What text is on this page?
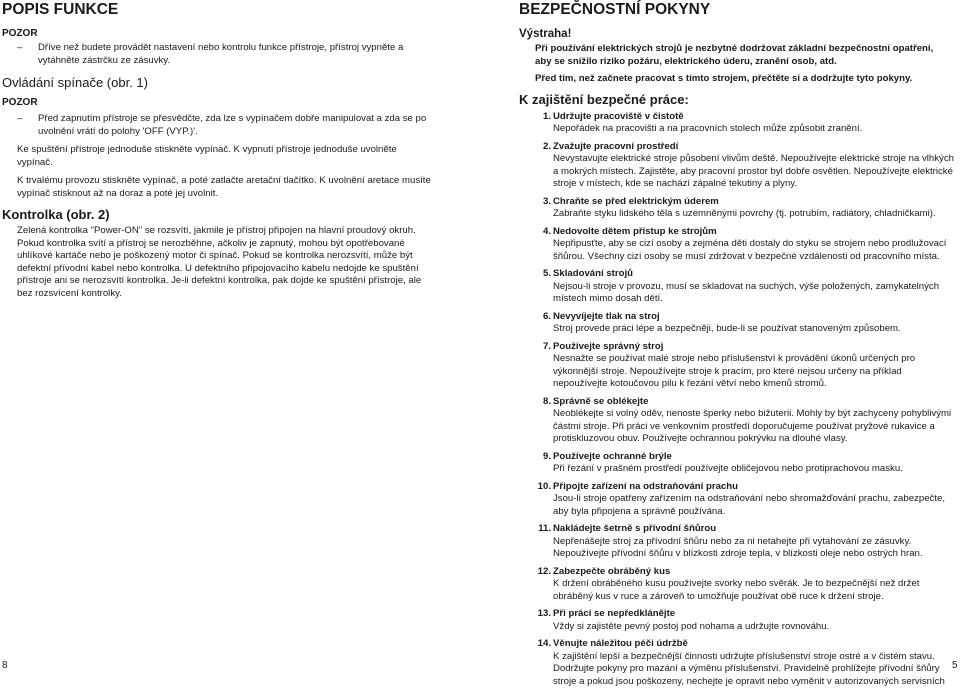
POPIS FUNKCE
POZOR
– Dříve než budete provádět nastavení nebo kontrolu funkce přístroje, přístroj vypněte a vytáhněte zástrčku ze zásuvky.
Ovládání spínače (obr. 1)
POZOR
– Před zapnutím přístroje se přesvědčte, zda lze s vypínačem dobře manipulovat a zda se po uvolnění vrátí do polohy 'OFF (VYP.)'.
Ke spuštění přístroje jednoduše stiskněte vypínač. K vypnutí přístroje jednoduše uvolněte vypínač.
K trvalému provozu stiskněte vypínač, a poté zatlačte aretační tlačítko. K uvolnění aretace musíte vypínač stisknout až na doraz a poté jej uvolnit.
Kontrolka (obr. 2)
Zelená kontrolka "Power-ON" se rozsvítí, jakmile je přístroj připojen na hlavní proudový okruh. Pokud kontrolka svítí a přístroj se nerozběhne, ačkoliv je zapnutý, mohou být opotřebované uhlíkové kartáče nebo je poškozený motor či spínač. Pokud se kontrolka nerozsvítí, může být defektní přívodní kabel nebo kontrolka. U defektního připojovacího kabelu nedojde ke spuštění přístroje ani se nerozsvítí kontrolka. Je-li defektní kontrolka, pak dojde ke spuštění přístroje, ale bez rozsvícení kontrolky.
BEZPEČNOSTNÍ POKYNY
Výstraha!
Při používání elektrických strojů je nezbytné dodržovat základní bezpečnostní opatření, aby se snížilo riziko požáru, elektrického úderu, zranění osob, atd.
Před tím, než začnete pracovat s tímto strojem, přečtěte si a dodržujte tyto pokyny.
K zajištění bezpečné práce:
1. Udržujte pracoviště v čistotě
Nepořádek na pracovišti a na pracovních stolech může způsobit zranění.
2. Zvažujte pracovní prostředí
Nevystavujte elektrické stroje působení vlivům deště. Nepoužívejte elektrické stroje na vlhkých a mokrých místech. Zajistěte, aby pracovní prostor byl dobře osvětlen. Nepoužívejte elektrické stroje v místech, kde se nachází zápalné tekutiny a plyny.
3. Chraňte se před elektrickým úderem
Zabraňte styku lidského těla s uzemněnými povrchy (tj. potrubím, radiátory, chladničkami).
4. Nedovolte dětem přístup ke strojům
Nepřipusťte, aby se cizí osoby a zejména děti dostaly do styku se strojem nebo prodlužovací šňůrou. Všechny cizí osoby se musí zdržovat v bezpečné vzdálenosti od pracovního místa.
5. Skladování strojů
Nejsou-li stroje v provozu, musí se skladovat na suchých, výše položených, zamykatelných místech mimo dosah dětí.
6. Nevyvíjejte tlak na stroj
Stroj provede práci lépe a bezpečněji, bude-li se používat stanoveným způsobem.
7. Používejte správný stroj
Nesnažte se používat malé stroje nebo příslušenství k provádění úkonů určených pro výkonnější stroje. Nepoužívejte stroje k pracím, pro které nejsou určeny na příklad nepoužívejte kotoučovou pilu k řezání větví nebo kmenů stromů.
8. Správně se oblékejte
Neoblékejte si volný oděv, nenoste šperky nebo bižuterii. Mohly by být zachyceny pohyblivými částmi stroje. Při práci ve venkovním prostředí doporučujeme používat pryžové rukavice a protiskluzovou obuv. Používejte ochrannou pokrývku na dlouhé vlasy.
9. Používejte ochranné brýle
Při řezání v prašném prostředí používejte obličejovou nebo protiprachovou masku.
10. Připojte zařízení na odstraňování prachu
Jsou-li stroje opatřeny zařízením na odstraňování nebo shromažďování prachu, zabezpečte, aby byla připojena a správně používána.
11. Nakládejte šetrně s přívodní šňůrou
Nepřenášejte stroj za přívodní šňůru nebo za ni netahejte při vytahování ze zásuvky. Nepoužívejte přívodní šňůru v blízkosti zdroje tepla, v blízkosti oleje nebo ostrých hran.
12. Zabezpečte obráběný kus
K držení obráběného kusu používejte svorky nebo svěrák. Je to bezpečnější než držet obráběný kus v ruce a zároveň to umožňuje používat obě ruce k držení stroje.
13. Při práci se nepředklánějte
Vždy si zajistěte pevný postoj pod nohama a udržujte rovnováhu.
14. Věnujte náležitou péči údržbě
K zajištění lepší a bezpečnější činnosti udržujte příslušenství stroje ostré a v čistém stavu. Dodržujte pokyny pro mazání a výměnu příslušenství. Pravidelně prohlížejte přívodní šňůry stroje a pokud jsou poškozeny, nechejte je opravit nebo vyměnit v autorizovaných servisních
8	5
